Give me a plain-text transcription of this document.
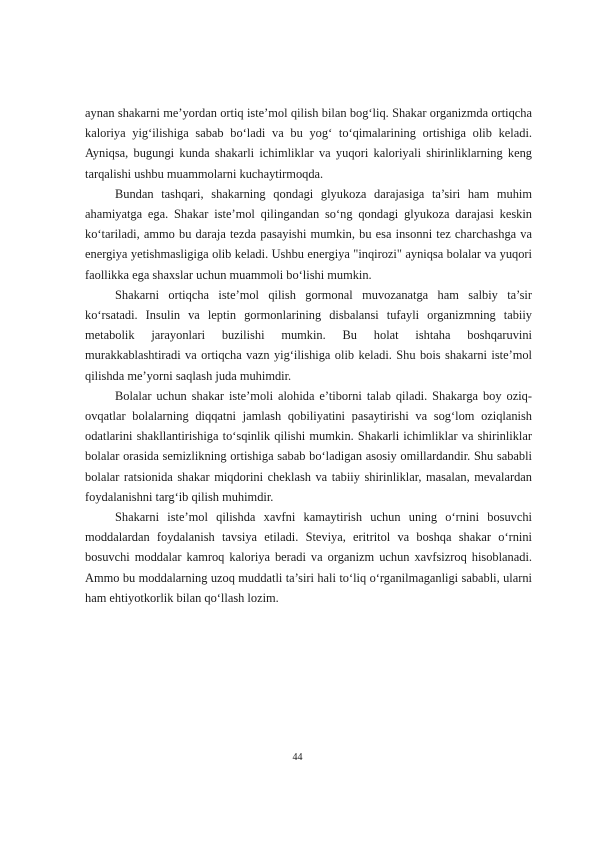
aynan shakarni me’yordan ortiq iste’mol qilish bilan bog‘liq. Shakar organizmda ortiqcha kaloriya yig‘ilishiga sabab bo‘ladi va bu yog‘ to‘qimalarining ortishiga olib keladi. Ayniqsa, bugungi kunda shakarli ichimliklar va yuqori kaloriyali shirinliklarning keng tarqalishi ushbu muammolarni kuchaytirmoqda.

Bundan tashqari, shakarning qondagi glyukoza darajasiga ta’siri ham muhim ahamiyatga ega. Shakar iste’mol qilingandan so‘ng qondagi glyukoza darajasi keskin ko‘tariladi, ammo bu daraja tezda pasayishi mumkin, bu esa insonni tez charchashga va energiya yetishmasligiga olib keladi. Ushbu energiya "inqirozi" ayniqsa bolalar va yuqori faollikka ega shaxslar uchun muammoli bo‘lishi mumkin.

Shakarni ortiqcha iste’mol qilish gormonal muvozanatga ham salbiy ta’sir ko‘rsatadi. Insulin va leptin gormonlarining disbalansi tufayli organizmning tabiiy metabolik jarayonlari buzilishi mumkin. Bu holat ishtaha boshqaruvini murakkablashtiradi va ortiqcha vazn yig‘ilishiga olib keladi. Shu bois shakarni iste’mol qilishda me’yorni saqlash juda muhimdir.

Bolalar uchun shakar iste’moli alohida e’tiborni talab qiladi. Shakarga boy oziq-ovqatlar bolalarning diqqatni jamlash qobiliyatini pasaytirishi va sog‘lom oziqlanish odatlarini shakllantirishiga to‘sqinlik qilishi mumkin. Shakarli ichimliklar va shirinliklar bolalar orasida semizlikning ortishiga sabab bo‘ladigan asosiy omillardandir. Shu sababli bolalar ratsionida shakar miqdorini cheklash va tabiiy shirinliklar, masalan, mevalardan foydalanishni targ‘ib qilish muhimdir.

Shakarni iste’mol qilishda xavfni kamaytirish uchun uning o‘rnini bosuvchi moddalardan foydalanish tavsiya etiladi. Steviya, eritritol va boshqa shakar o‘rnini bosuvchi moddalar kamroq kaloriya beradi va organizm uchun xavfsizroq hisoblanadi. Ammo bu moddalarning uzoq muddatli ta’siri hali to‘liq o‘rganilmaganligi sababli, ularni ham ehtiyotkorlik bilan qo‘llash lozim.

44
